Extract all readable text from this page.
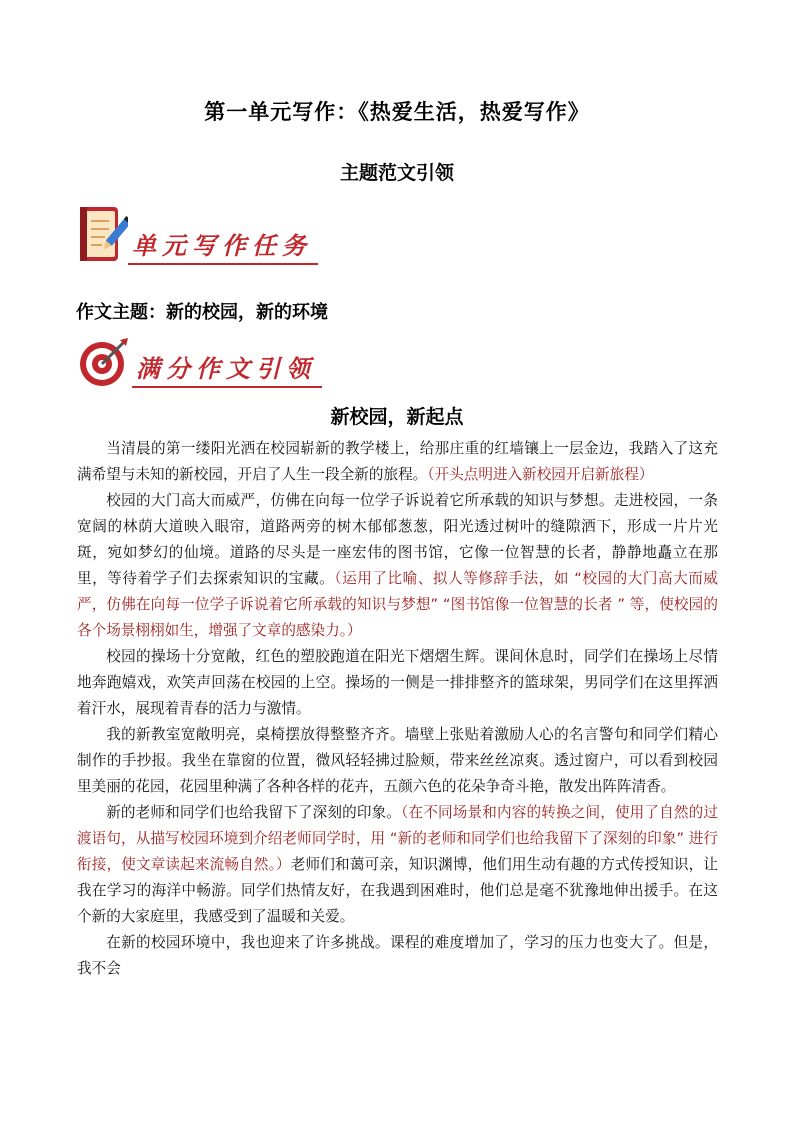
第一单元写作：《热爱生活，热爱写作》
主题范文引领
单元写作任务
作文主题：新的校园，新的环境
满分作文引领
新校园，新起点

当清晨的第一缕阳光洒在校园崭新的教学楼上，给那庄重的红墙镶上一层金边，我踏入了这充满希望与未知的新校园，开启了人生一段全新的旅程。（开头点明进入新校园开启新旅程）

校园的大门高大而威严，仿佛在向每一位学子诉说着它所承载的知识与梦想。走进校园，一条宽阔的林荫大道映入眼帘，道路两旁的树木郁郁葱葱，阳光透过树叶的缝隙洒下，形成一片片光斑，宛如梦幻的仙境。道路的尽头是一座宏伟的图书馆，它像一位智慧的长者，静静地矗立在那里，等待着学子们去探索知识的宝藏。（运用了比喻、拟人等修辞手法，如 “校园的大门高大而威严，仿佛在向每一位学子诉说着它所承载的知识与梦想” “图书馆像一位智慧的长者 ” 等，使校园的各个场景栩栩如生，增强了文章的感染力。）

校园的操场十分宽敞，红色的塑胶跑道在阳光下熠熠生辉。课间休息时，同学们在操场上尽情地奔跑嬉戏，欢笑声回荡在校园的上空。操场的一侧是一排排整齐的篮球架，男同学们在这里挥洒着汗水，展现着青春的活力与激情。

我的新教室宽敞明亮，桌椅摆放得整整齐齐。墙壁上张贴着激励人心的名言警句和同学们精心制作的手抄报。我坐在靠窗的位置，微风轻轻拂过脸颊，带来丝丝凉爽。透过窗户，可以看到校园里美丽的花园，花园里种满了各种各样的花卉，五颜六色的花朵争奇斗艳，散发出阵阵清香。

新的老师和同学们也给我留下了深刻的印象。（在不同场景和内容的转换之间，使用了自然的过渡语句，从描写校园环境到介绍老师同学时，用 “新的老师和同学们也给我留下了深刻的印象” 进行衔接，使文章读起来流畅自然。）老师们和蔼可亲，知识渊博，他们用生动有趣的方式传授知识，让我在学习的海洋中畅游。同学们热情友好，在我遇到困难时，他们总是毫不犹豫地伸出援手。在这个新的大家庭里，我感受到了温暖和关爱。

在新的校园环境中，我也迎来了许多挑战。课程的难度增加了，学习的压力也变大了。但是，我不会
